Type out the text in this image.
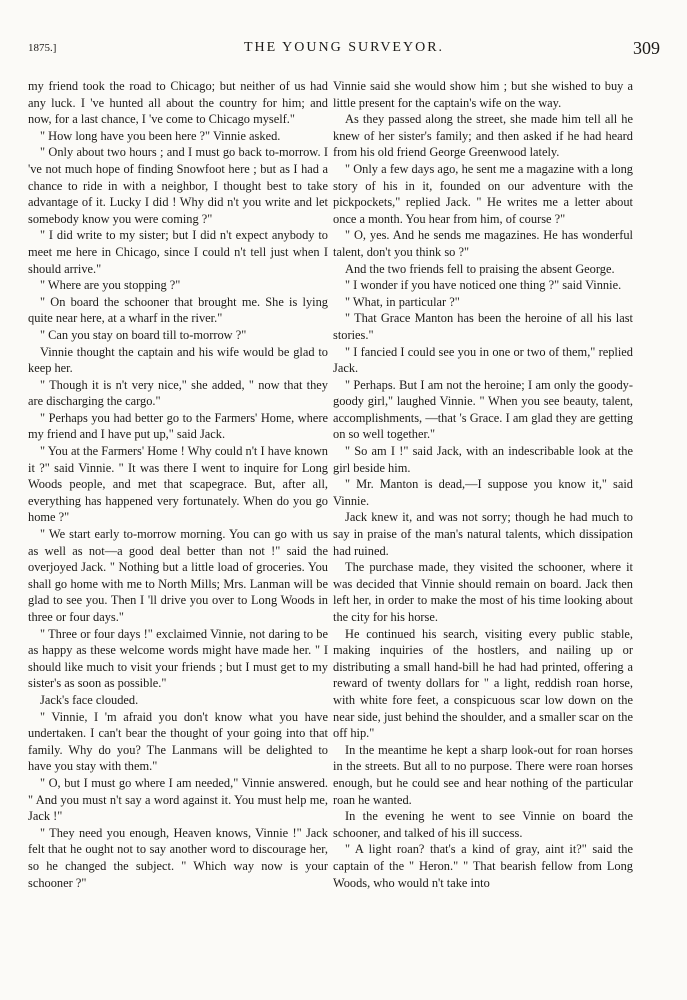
1875.]	THE YOUNG SURVEYOR.	309

my friend took the road to Chicago; but neither of us had any luck. I 've hunted all about the country for him; and now, for a last chance, I 've come to Chicago myself."

" How long have you been here ?" Vinnie asked.

" Only about two hours ; and I must go back to-morrow. I 've not much hope of finding Snowfoot here ; but as I had a chance to ride in with a neighbor, I thought best to take advantage of it. Lucky I did ! Why did n't you write and let somebody know you were coming ?"

" I did write to my sister; but I did n't expect anybody to meet me here in Chicago, since I could n't tell just when I should arrive."

" Where are you stopping ?"

" On board the schooner that brought me. She is lying quite near here, at a wharf in the river."

" Can you stay on board till to-morrow ?"

Vinnie thought the captain and his wife would be glad to keep her.

" Though it is n't very nice," she added, " now that they are discharging the cargo."

" Perhaps you had better go to the Farmers' Home, where my friend and I have put up," said Jack.

" You at the Farmers' Home ! Why could n't I have known it ?" said Vinnie. " It was there I went to inquire for Long Woods people, and met that scapegrace. But, after all, everything has happened very fortunately. When do you go home ?"

" We start early to-morrow morning. You can go with us as well as not—a good deal better than not !" said the overjoyed Jack. " Nothing but a little load of groceries. You shall go home with me to North Mills; Mrs. Lanman will be glad to see you. Then I 'll drive you over to Long Woods in three or four days."

" Three or four days !" exclaimed Vinnie, not daring to be as happy as these welcome words might have made her. " I should like much to visit your friends ; but I must get to my sister's as soon as possible."

Jack's face clouded.

" Vinnie, I 'm afraid you don't know what you have undertaken. I can't bear the thought of your going into that family. Why do you? The Lanmans will be delighted to have you stay with them."

" O, but I must go where I am needed," Vinnie answered. " And you must n't say a word against it. You must help me, Jack !"

" They need you enough, Heaven knows, Vinnie !" Jack felt that he ought not to say another word to discourage her, so he changed the subject. " Which way now is your schooner ?"

Vinnie said she would show him ; but she wished to buy a little present for the captain's wife on the way.

As they passed along the street, she made him tell all he knew of her sister's family; and then asked if he had heard from his old friend George Greenwood lately.

" Only a few days ago, he sent me a magazine with a long story of his in it, founded on our adventure with the pickpockets," replied Jack. " He writes me a letter about once a month. You hear from him, of course ?"

" O, yes. And he sends me magazines. He has wonderful talent, don't you think so ?"

And the two friends fell to praising the absent George.

" I wonder if you have noticed one thing ?" said Vinnie.

" What, in particular ?"

" That Grace Manton has been the heroine of all his last stories."

" I fancied I could see you in one or two of them," replied Jack.

" Perhaps. But I am not the heroine; I am only the goody-goody girl," laughed Vinnie. " When you see beauty, talent, accomplishments, —that 's Grace. I am glad they are getting on so well together."

" So am I !" said Jack, with an indescribable look at the girl beside him.

" Mr. Manton is dead,—I suppose you know it," said Vinnie.

Jack knew it, and was not sorry; though he had much to say in praise of the man's natural talents, which dissipation had ruined.

The purchase made, they visited the schooner, where it was decided that Vinnie should remain on board. Jack then left her, in order to make the most of his time looking about the city for his horse.

He continued his search, visiting every public stable, making inquiries of the hostlers, and nailing up or distributing a small hand-bill he had had printed, offering a reward of twenty dollars for " a light, reddish roan horse, with white fore feet, a conspicuous scar low down on the near side, just behind the shoulder, and a smaller scar on the off hip."

In the meantime he kept a sharp look-out for roan horses in the streets. But all to no purpose. There were roan horses enough, but he could see and hear nothing of the particular roan he wanted.

In the evening he went to see Vinnie on board the schooner, and talked of his ill success.

" A light roan? that's a kind of gray, aint it?" said the captain of the " Heron." " That bearish fellow from Long Woods, who would n't take into
